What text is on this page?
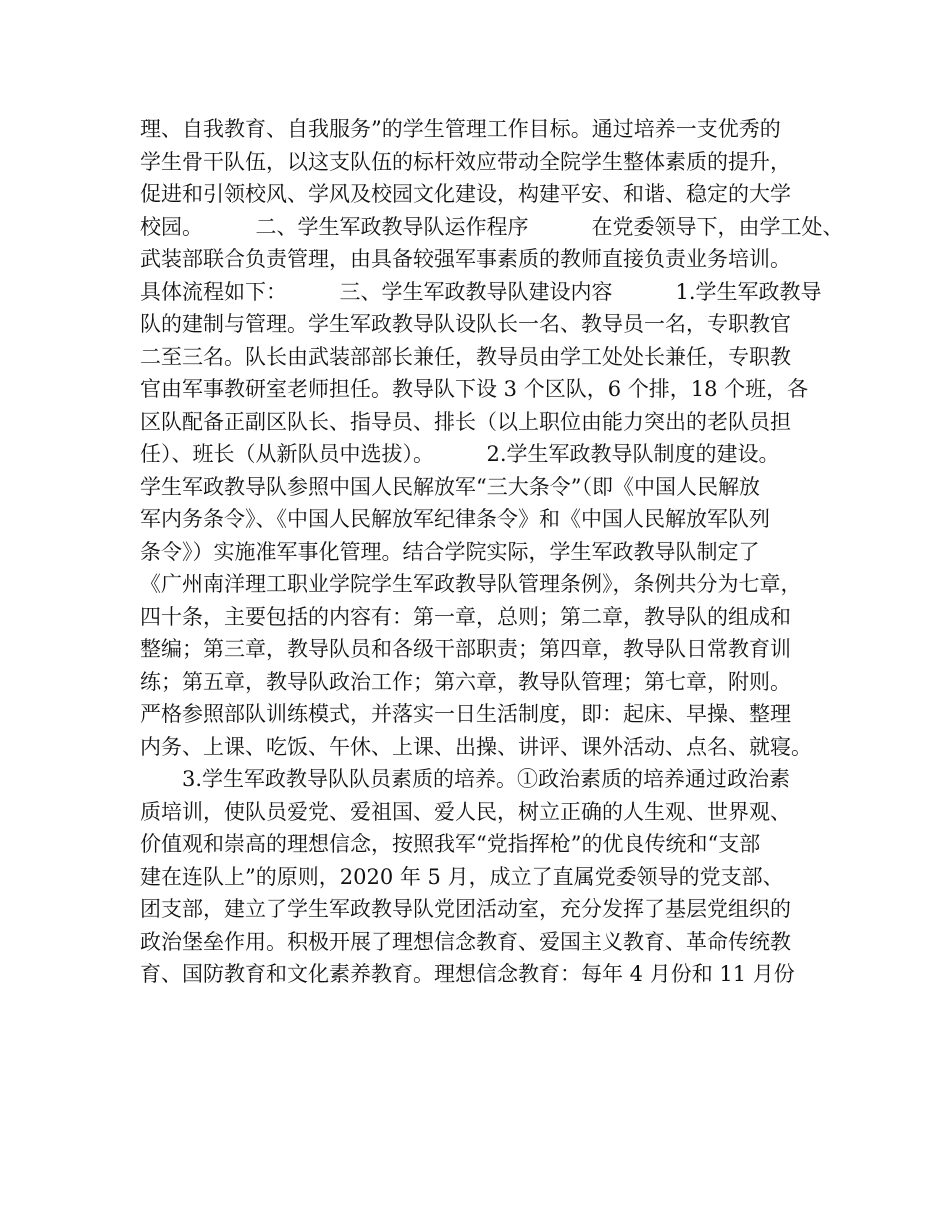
理、自我教育、自我服务”的学生管理工作目标。通过培养一支优秀的
学生骨干队伍，以这支队伍的标杆效应带动全院学生整体素质的提升，
促进和引领校风、学风及校园文化建设，构建平安、和谐、稳定的大学
校园。　　　二、学生军政教导队运作程序　　　在党委领导下，由学工处、
武装部联合负责管理，由具备较强军事素质的教师直接负责业务培训。
具体流程如下：　　　三、学生军政教导队建设内容　　　1.学生军政教导
队的建制与管理。学生军政教导队设队长一名、教导员一名，专职教官
二至三名。队长由武装部部长兼任，教导员由学工处处长兼任，专职教
官由军事教研室老师担任。教导队下设 3 个区队，6 个排，18 个班，各
区队配备正副区队长、指导员、排长（以上职位由能力突出的老队员担
任）、班长（从新队员中选拔）。　　　2.学生军政教导队制度的建设。
学生军政教导队参照中国人民解放军“三大条令”（即《中国人民解放
军内务条令》、《中国人民解放军纪律条令》和《中国人民解放军队列
条令》）实施准军事化管理。结合学院实际，学生军政教导队制定了
《广州南洋理工职业学院学生军政教导队管理条例》，条例共分为七章，
四十条，主要包括的内容有：第一章，总则；第二章，教导队的组成和
整编；第三章，教导队员和各级干部职责；第四章，教导队日常教育训
练；第五章，教导队政治工作；第六章，教导队管理；第七章，附则。
严格参照部队训练模式，并落实一日生活制度，即：起床、早操、整理
内务、上课、吃饭、午休、上课、出操、讲评、课外活动、点名、就寝。
　　3.学生军政教导队队员素质的培养。①政治素质的培养通过政治素
质培训，使队员爱党、爱祖国、爱人民，树立正确的人生观、世界观、
价值观和崇高的理想信念，按照我军“党指挥枪”的优良传统和“支部
建在连队上”的原则，2020 年 5 月，成立了直属党委领导的党支部、
团支部，建立了学生军政教导队党团活动室，充分发挥了基层党组织的
政治堡垒作用。积极开展了理想信念教育、爱国主义教育、革命传统教
育、国防教育和文化素养教育。理想信念教育：每年 4 月份和 11 月份
